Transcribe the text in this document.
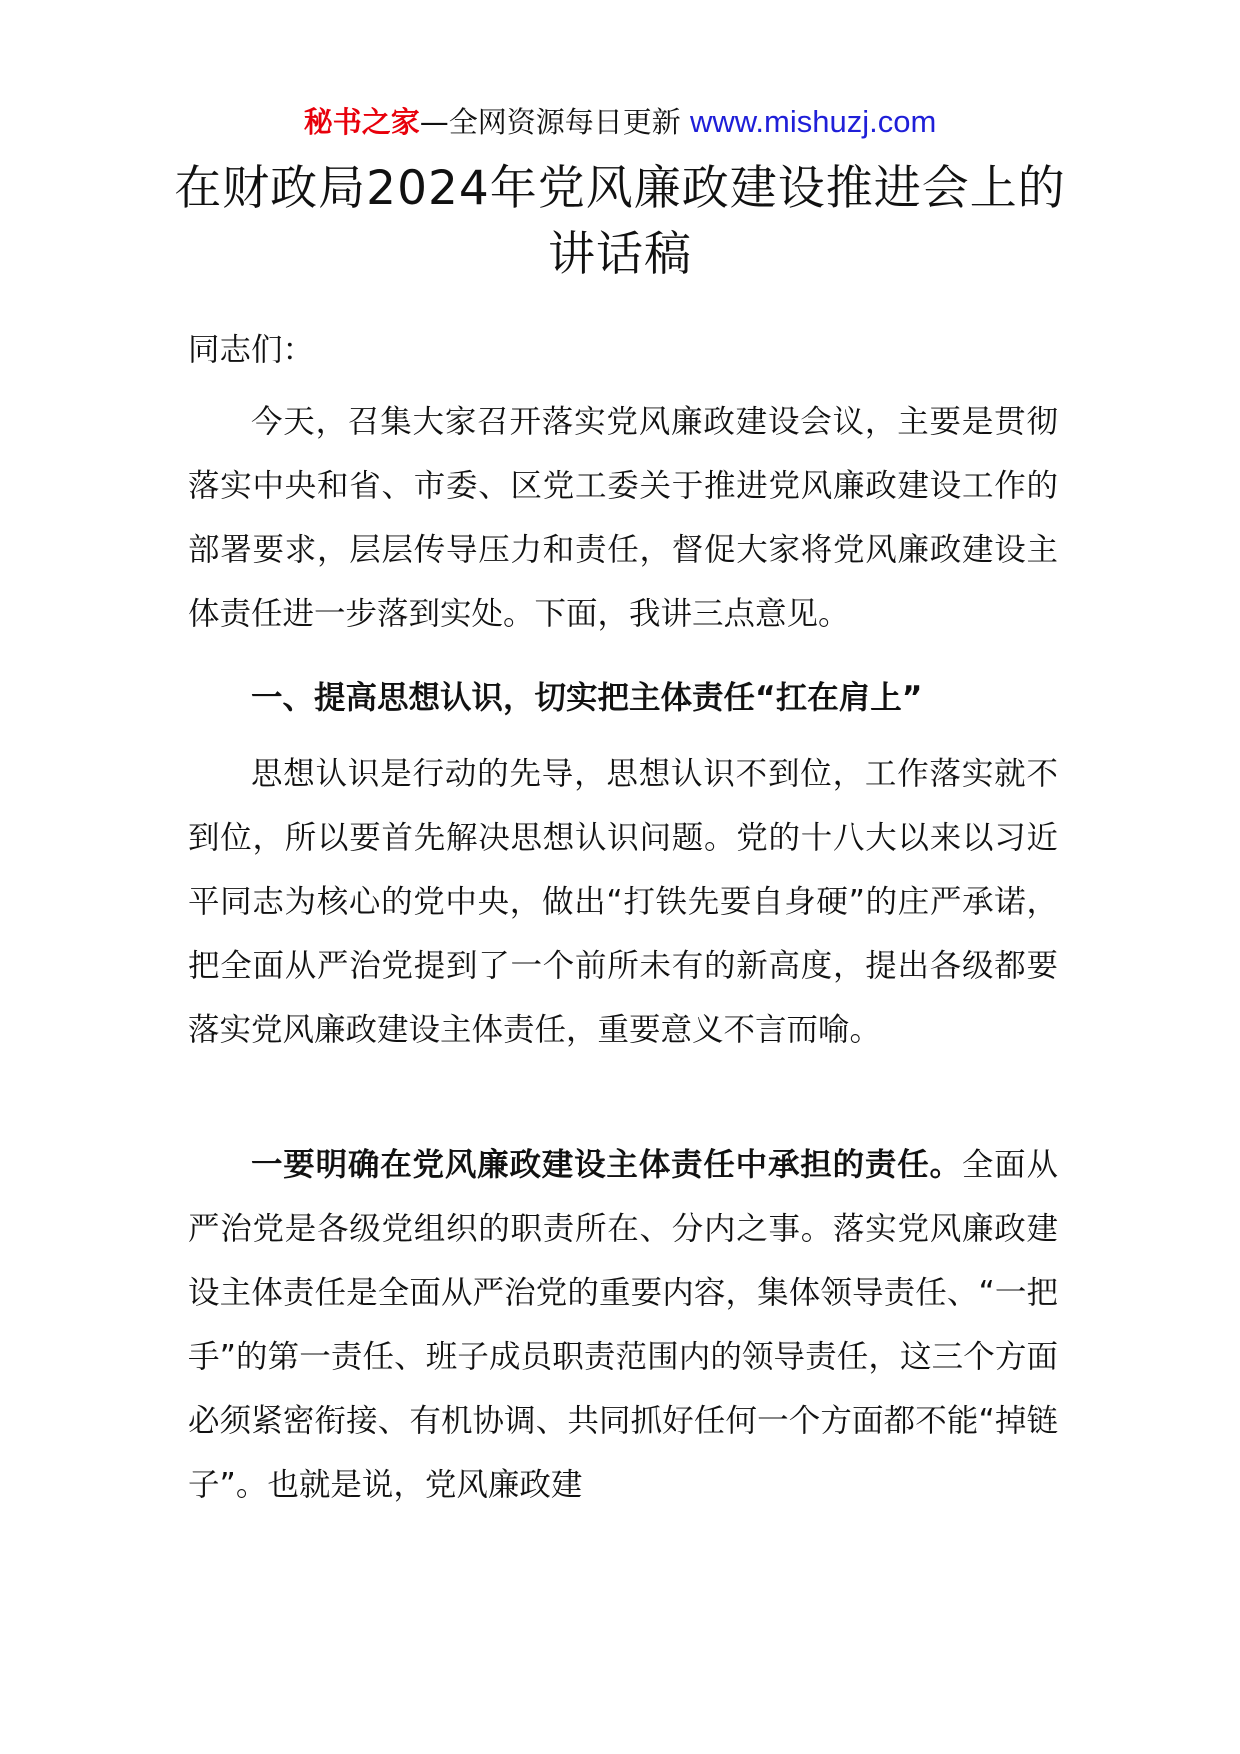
秘书之家—全网资源每日更新 www.mishuzj.com
在财政局2024年党风廉政建设推进会上的
讲话稿

同志们：

今天，召集大家召开落实党风廉政建设会议，主要是贯彻落实中央和省、市委、区党工委关于推进党风廉政建设工作的部署要求，层层传导压力和责任，督促大家将党风廉政建设主体责任进一步落到实处。下面，我讲三点意见。

一、提高思想认识，切实把主体责任“扛在肩上”

思想认识是行动的先导，思想认识不到位，工作落实就不到位，所以要首先解决思想认识问题。党的十八大以来以习近平同志为核心的党中央，做出“打铁先要自身硬”的庄严承诺，把全面从严治党提到了一个前所未有的新高度，提出各级都要落实党风廉政建设主体责任，重要意义不言而喻。

一要明确在党风廉政建设主体责任中承担的责任。全面从严治党是各级党组织的职责所在、分内之事。落实党风廉政建设主体责任是全面从严治党的重要内容，集体领导责任、“一把手”的第一责任、班子成员职责范围内的领导责任，这三个方面必须紧密衔接、有机协调、共同抓好任何一个方面都不能“掉链子”。也就是说，党风廉政建
